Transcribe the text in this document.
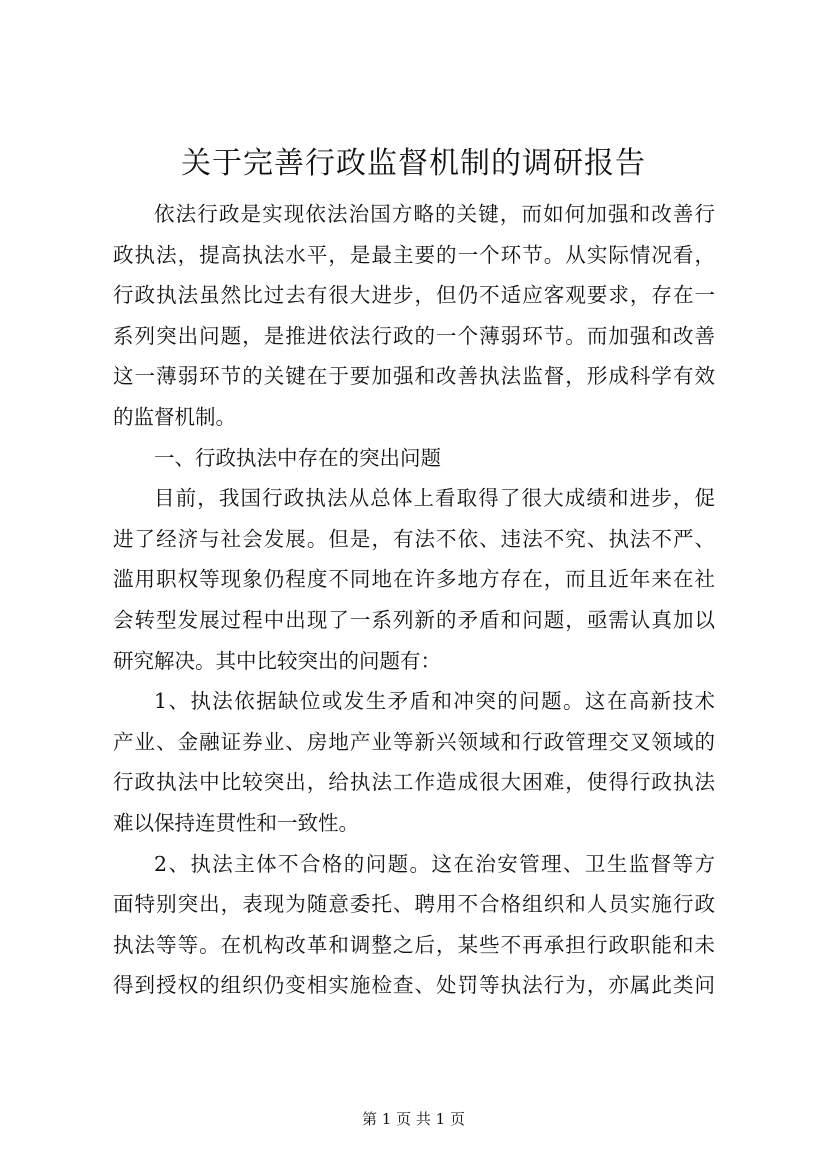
关于完善行政监督机制的调研报告
依法行政是实现依法治国方略的关键，而如何加强和改善行
政执法，提高执法水平，是最主要的一个环节。从实际情况看，
行政执法虽然比过去有很大进步，但仍不适应客观要求，存在一
系列突出问题，是推进依法行政的一个薄弱环节。而加强和改善
这一薄弱环节的关键在于要加强和改善执法监督，形成科学有效
的监督机制。
一、行政执法中存在的突出问题
目前，我国行政执法从总体上看取得了很大成绩和进步，促
进了经济与社会发展。但是，有法不依、违法不究、执法不严、
滥用职权等现象仍程度不同地在许多地方存在，而且近年来在社
会转型发展过程中出现了一系列新的矛盾和问题，亟需认真加以
研究解决。其中比较突出的问题有：
1、执法依据缺位或发生矛盾和冲突的问题。这在高新技术
产业、金融证券业、房地产业等新兴领域和行政管理交叉领域的
行政执法中比较突出，给执法工作造成很大困难，使得行政执法
难以保持连贯性和一致性。
2、执法主体不合格的问题。这在治安管理、卫生监督等方
面特别突出，表现为随意委托、聘用不合格组织和人员实施行政
执法等等。在机构改革和调整之后，某些不再承担行政职能和未
得到授权的组织仍变相实施检查、处罚等执法行为，亦属此类问
第 1 页 共 1 页
